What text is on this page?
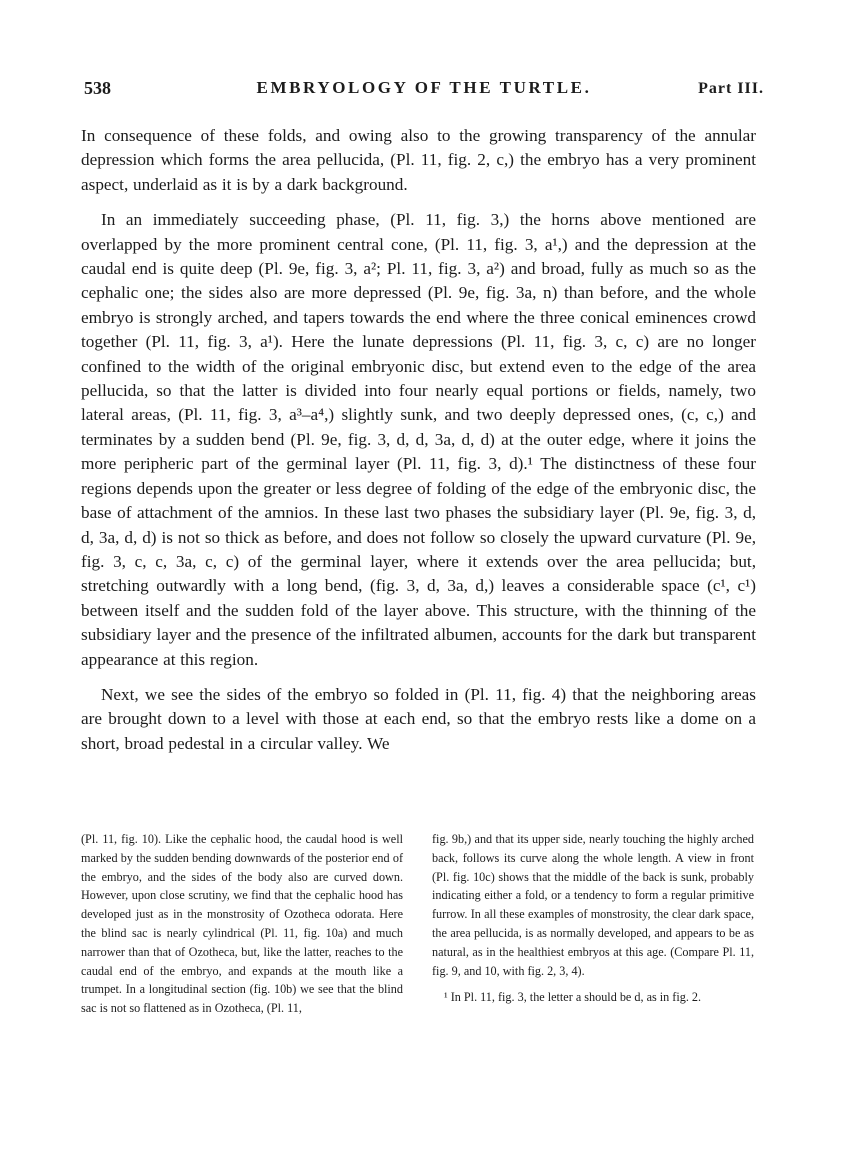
538	EMBRYOLOGY OF THE TURTLE.	Part III.

In consequence of these folds, and owing also to the growing transparency of the annular depression which forms the area pellucida, (Pl. 11, fig. 2, c,) the embryo has a very prominent aspect, underlaid as it is by a dark background.

In an immediately succeeding phase, (Pl. 11, fig. 3,) the horns above mentioned are overlapped by the more prominent central cone, (Pl. 11, fig. 3, a¹,) and the depression at the caudal end is quite deep (Pl. 9e, fig. 3, a²; Pl. 11, fig. 3, a²) and broad, fully as much so as the cephalic one; the sides also are more depressed (Pl. 9e, fig. 3a, n) than before, and the whole embryo is strongly arched, and tapers towards the end where the three conical eminences crowd together (Pl. 11, fig. 3, a¹). Here the lunate depressions (Pl. 11, fig. 3, c, c) are no longer confined to the width of the original embryonic disc, but extend even to the edge of the area pellucida, so that the latter is divided into four nearly equal portions or fields, namely, two lateral areas, (Pl. 11, fig. 3, a³–a⁴,) slightly sunk, and two deeply depressed ones, (c, c,) and terminates by a sudden bend (Pl. 9e, fig. 3, d, d, 3a, d, d) at the outer edge, where it joins the more peripheric part of the germinal layer (Pl. 11, fig. 3, d).¹ The distinctness of these four regions depends upon the greater or less degree of folding of the edge of the embryonic disc, the base of attachment of the amnios. In these last two phases the subsidiary layer (Pl. 9e, fig. 3, d, d, 3a, d, d) is not so thick as before, and does not follow so closely the upward curvature (Pl. 9e, fig. 3, c, c, 3a, c, c) of the germinal layer, where it extends over the area pellucida; but, stretching outwardly with a long bend, (fig. 3, d, 3a, d,) leaves a considerable space (c¹, c¹) between itself and the sudden fold of the layer above. This structure, with the thinning of the subsidiary layer and the presence of the infiltrated albumen, accounts for the dark but transparent appearance at this region.

Next, we see the sides of the embryo so folded in (Pl. 11, fig. 4) that the neighboring areas are brought down to a level with those at each end, so that the embryo rests like a dome on a short, broad pedestal in a circular valley. We

(Pl. 11, fig. 10). Like the cephalic hood, the caudal hood is well marked by the sudden bending downwards of the posterior end of the embryo, and the sides of the body also are curved down. However, upon close scrutiny, we find that the cephalic hood has developed just as in the monstrosity of Ozotheca odorata. Here the blind sac is nearly cylindrical (Pl. 11, fig. 10a) and much narrower than that of Ozotheca, but, like the latter, reaches to the caudal end of the embryo, and expands at the mouth like a trumpet. In a longitudinal section (fig. 10b) we see that the blind sac is not so flattened as in Ozotheca, (Pl. 11,

fig. 9b,) and that its upper side, nearly touching the highly arched back, follows its curve along the whole length. A view in front (Pl. fig. 10c) shows that the middle of the back is sunk, probably indicating either a fold, or a tendency to form a regular primitive furrow. In all these examples of monstrosity, the clear dark space, the area pellucida, is as normally developed, and appears to be as natural, as in the healthiest embryos at this age. (Compare Pl. 11, fig. 9, and 10, with fig. 2, 3, 4).

¹ In Pl. 11, fig. 3, the letter a should be d, as in fig. 2.
